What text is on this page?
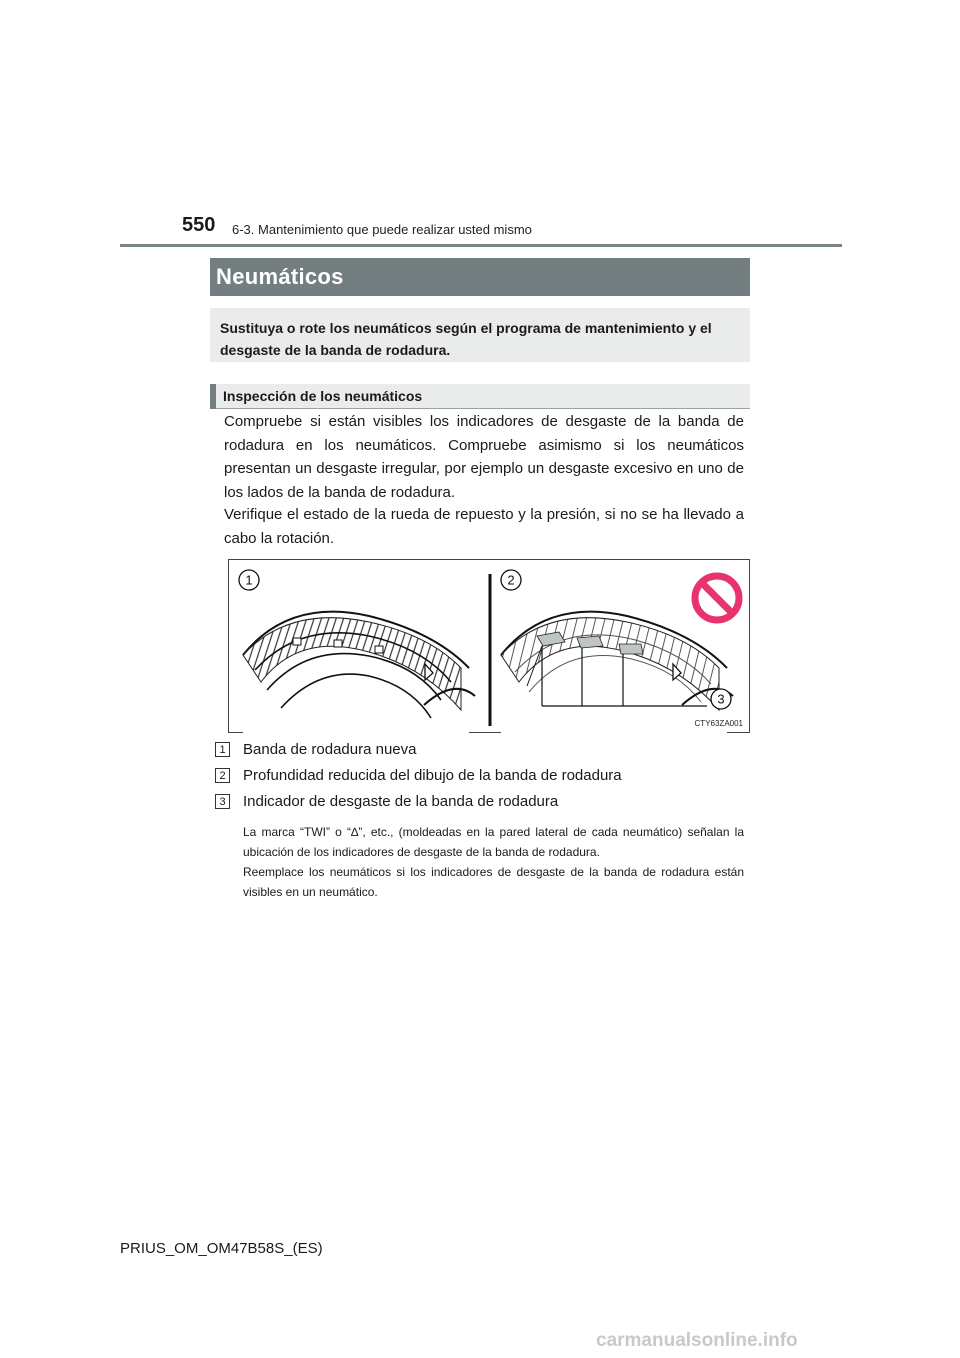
550 6-3. Mantenimiento que puede realizar usted mismo
Neumáticos
Sustituya o rote los neumáticos según el programa de mantenimiento y el desgaste de la banda de rodadura.
Inspección de los neumáticos
Compruebe si están visibles los indicadores de desgaste de la banda de rodadura en los neumáticos. Compruebe asimismo si los neumáticos presentan un desgaste irregular, por ejemplo un desgaste excesivo en uno de los lados de la banda de rodadura.
Verifique el estado de la rueda de repuesto y la presión, si no se ha llevado a cabo la rotación.
1	2
3
CTY63ZA001
1 Banda de rodadura nueva
2 Profundidad reducida del dibujo de la banda de rodadura
3 Indicador de desgaste de la banda de rodadura
La marca “TWI” o “∆”, etc., (moldeadas en la pared lateral de cada neumático) señalan la ubicación de los indicadores de desgaste de la banda de rodadura.
Reemplace los neumáticos si los indicadores de desgaste de la banda de rodadura están visibles en un neumático.
PRIUS_OM_OM47B58S_(ES)
carmanualsonline.info
